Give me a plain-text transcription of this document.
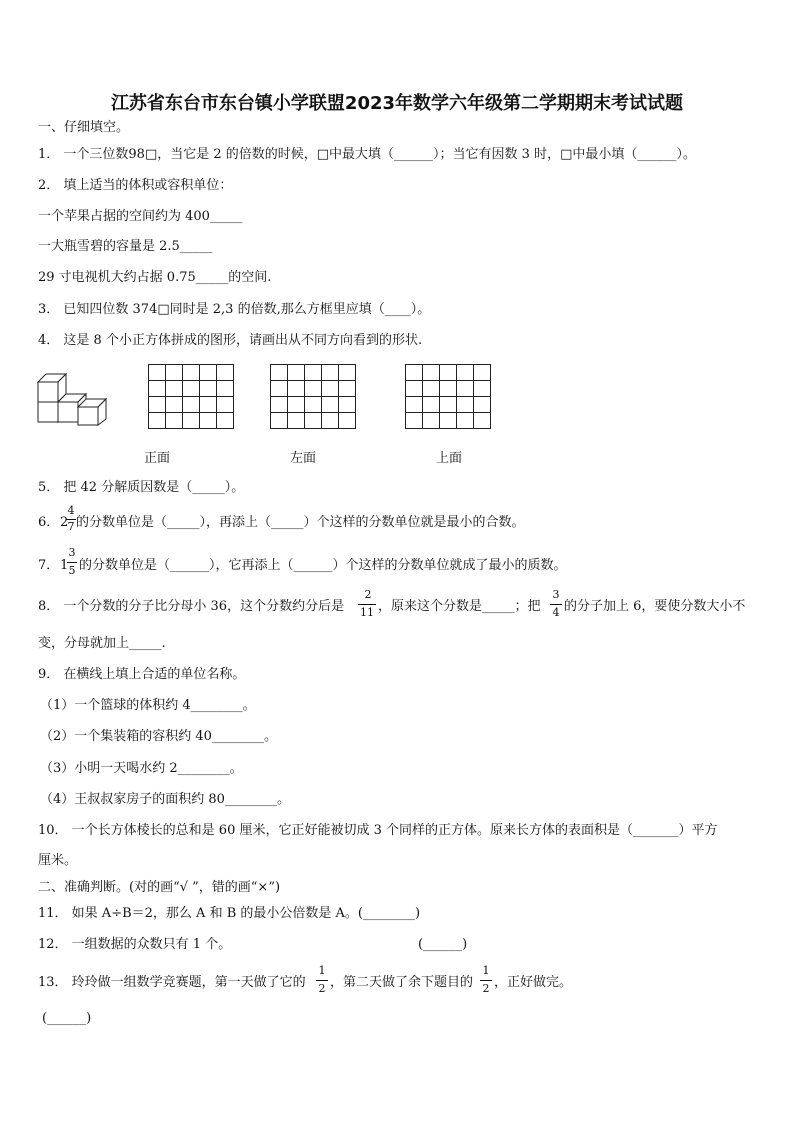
江苏省东台市东台镇小学联盟2023年数学六年级第二学期期末考试试题
一、仔细填空。
1． 一个三位数98□，当它是 2 的倍数的时候，□中最大填（______）；当它有因数 3 时，□中最小填（______）。
2． 填上适当的体积或容积单位：
一个苹果占据的空间约为 400_____
一大瓶雪碧的容量是 2.5_____
29 寸电视机大约占据 0.75_____的空间.
3． 已知四位数 374□同时是 2,3 的倍数,那么方框里应填（____）。
4． 这是 8 个小正方体拼成的图形，请画出从不同方向看到的形状.

正面	左面	上面
5． 把 42 分解质因数是（_____）。
6． 2
4
7 的分数单位是（_____），再添上（_____）个这样的分数单位就是最小的合数。
7． 1
3
5 的分数单位是（______），它再添上（______）个这样的分数单位就成了最小的质数。
8． 一个分数的分子比分母小 36，这个分数约分后是
2
11 ，原来这个分数是_____；把
3
4 的分子加上 6，要使分数大小不
变，分母就加上_____.
9． 在横线上填上合适的单位名称。
（1）一个篮球的体积约 4________。
（2）一个集装箱的容积约 40________。
（3）小明一天喝水约 2________。
（4）王叔叔家房子的面积约 80________。
10． 一个长方体棱长的总和是 60 厘米，它正好能被切成 3 个同样的正方体。原来长方体的表面积是（_______）平方
厘米。
二、准确判断。(对的画“√ ”，错的画“×”)
11． 如果 A÷B＝2，那么 A 和 B 的最小公倍数是 A。(________)
12． 一组数据的众数只有 1 个。	(______)
13． 玲玲做一组数学竞赛题，第一天做了它的
1
2 ，第二天做了余下题目的
1
2 ，正好做完。
(______)
